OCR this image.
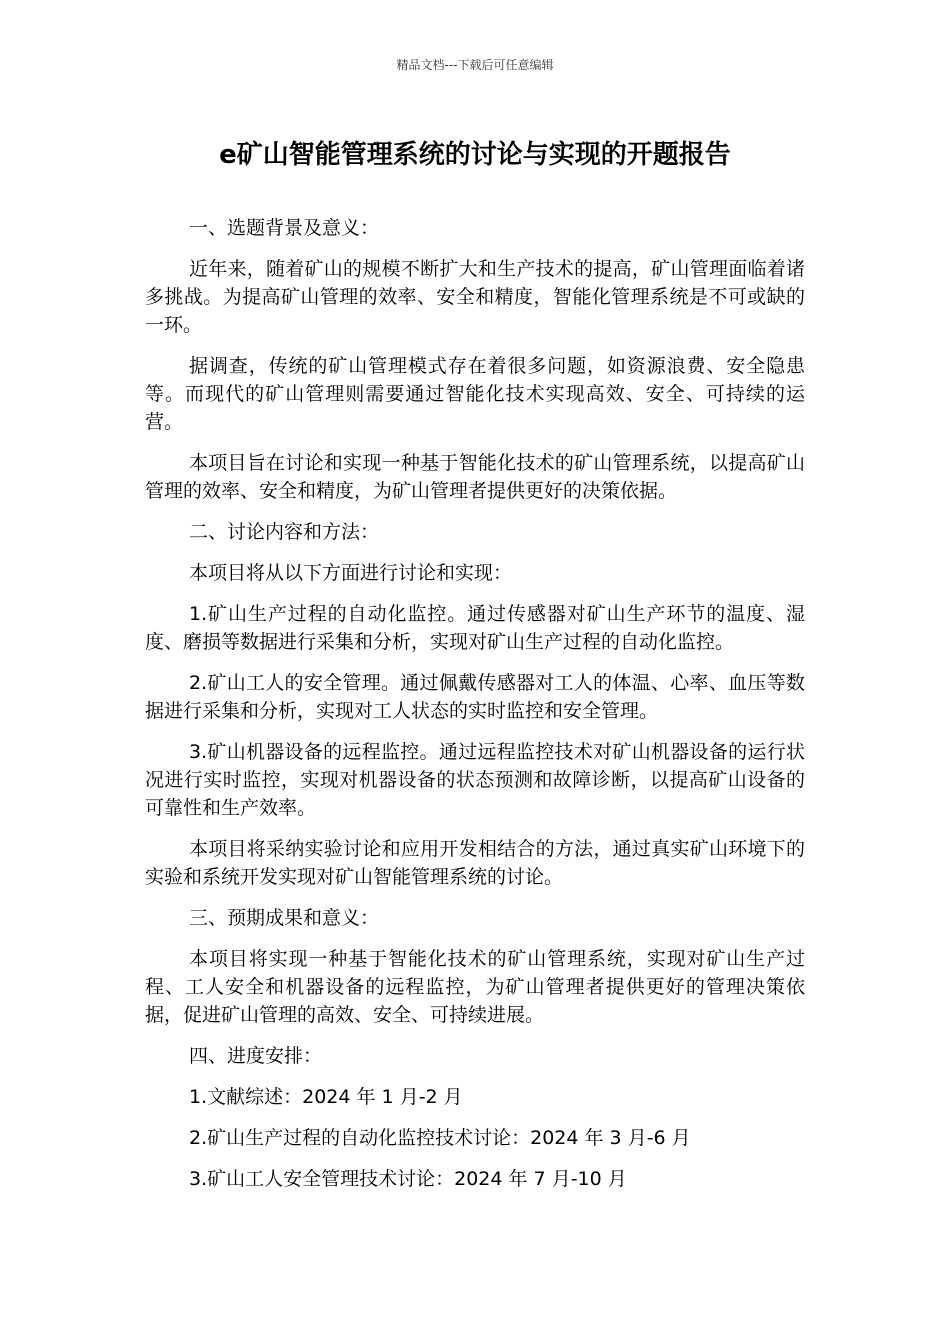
精品文档---下载后可任意编辑
e矿山智能管理系统的讨论与实现的开题报告

一、选题背景及意义：

近年来，随着矿山的规模不断扩大和生产技术的提高，矿山管理面临着诸多挑战。为提高矿山管理的效率、安全和精度，智能化管理系统是不可或缺的一环。

据调查，传统的矿山管理模式存在着很多问题，如资源浪费、安全隐患等。而现代的矿山管理则需要通过智能化技术实现高效、安全、可持续的运营。

本项目旨在讨论和实现一种基于智能化技术的矿山管理系统，以提高矿山管理的效率、安全和精度，为矿山管理者提供更好的决策依据。

二、讨论内容和方法：

本项目将从以下方面进行讨论和实现：

1.矿山生产过程的自动化监控。通过传感器对矿山生产环节的温度、湿度、磨损等数据进行采集和分析，实现对矿山生产过程的自动化监控。

2.矿山工人的安全管理。通过佩戴传感器对工人的体温、心率、血压等数据进行采集和分析，实现对工人状态的实时监控和安全管理。

3.矿山机器设备的远程监控。通过远程监控技术对矿山机器设备的运行状况进行实时监控，实现对机器设备的状态预测和故障诊断，以提高矿山设备的可靠性和生产效率。

本项目将采纳实验讨论和应用开发相结合的方法，通过真实矿山环境下的实验和系统开发实现对矿山智能管理系统的讨论。

三、预期成果和意义：

本项目将实现一种基于智能化技术的矿山管理系统，实现对矿山生产过程、工人安全和机器设备的远程监控，为矿山管理者提供更好的管理决策依据，促进矿山管理的高效、安全、可持续进展。

四、进度安排：

1.文献综述：2024 年 1 月-2 月

2.矿山生产过程的自动化监控技术讨论：2024 年 3 月-6 月

3.矿山工人安全管理技术讨论：2024 年 7 月-10 月
